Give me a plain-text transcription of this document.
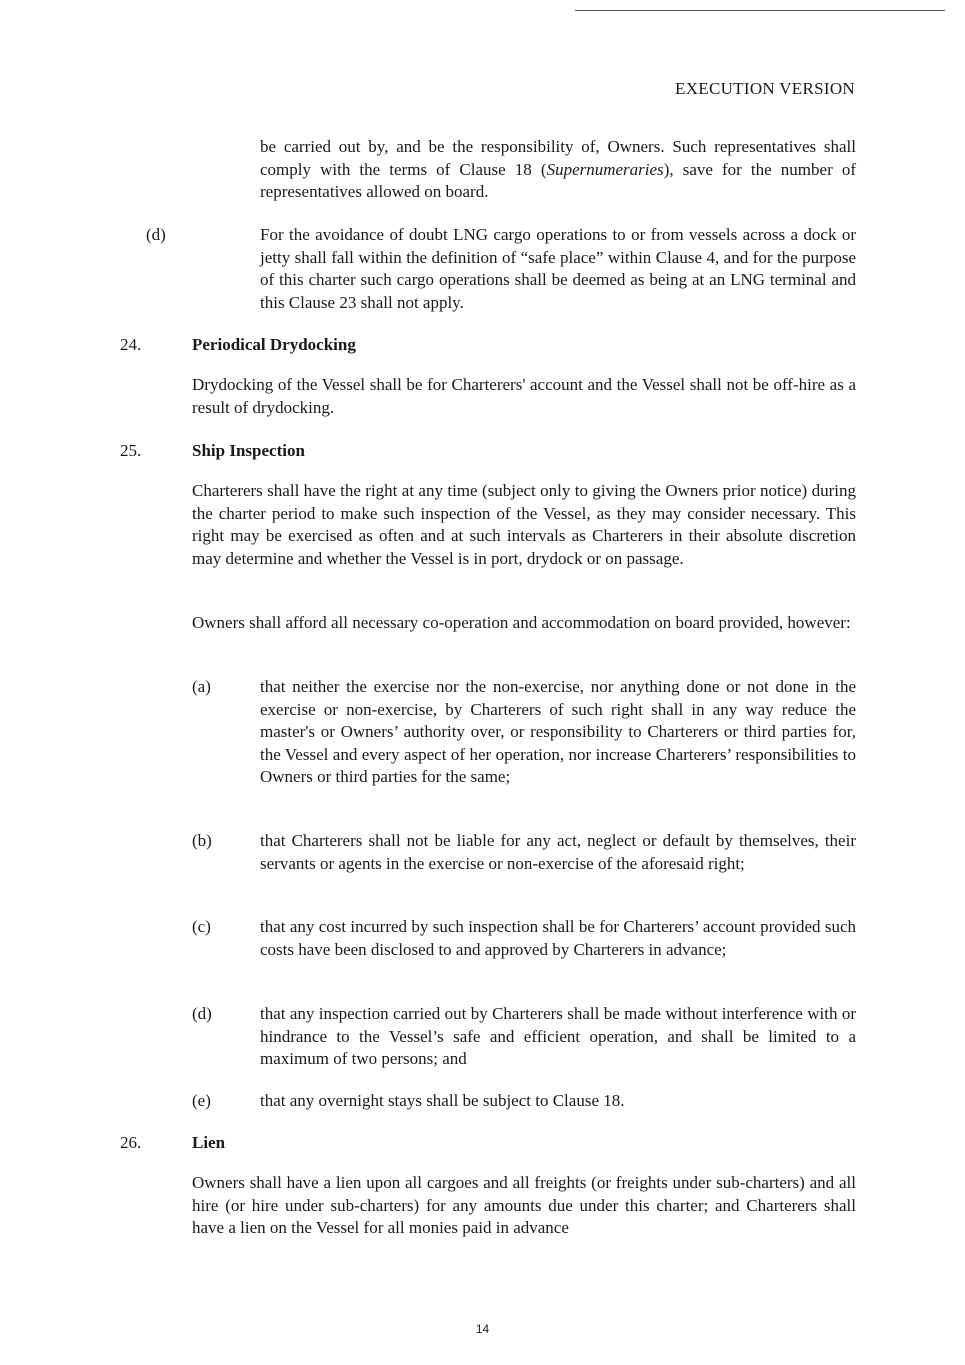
EXECUTION VERSION
be carried out by, and be the responsibility of, Owners. Such representatives shall comply with the terms of Clause 18 (Supernumeraries), save for the number of representatives allowed on board.
(d)	For the avoidance of doubt LNG cargo operations to or from vessels across a dock or jetty shall fall within the definition of “safe place” within Clause 4, and for the purpose of this charter such cargo operations shall be deemed as being at an LNG terminal and this Clause 23 shall not apply.
24.	Periodical Drydocking
Drydocking of the Vessel shall be for Charterers' account and the Vessel shall not be off-hire as a result of drydocking.
25.	Ship Inspection
Charterers shall have the right at any time (subject only to giving the Owners prior notice) during the charter period to make such inspection of the Vessel, as they may consider necessary. This right may be exercised as often and at such intervals as Charterers in their absolute discretion may determine and whether the Vessel is in port, drydock or on passage.
Owners shall afford all necessary co-operation and accommodation on board provided, however:
(a)	that neither the exercise nor the non-exercise, nor anything done or not done in the exercise or non-exercise, by Charterers of such right shall in any way reduce the master's or Owners’ authority over, or responsibility to Charterers or third parties for, the Vessel and every aspect of her operation, nor increase Charterers’ responsibilities to Owners or third parties for the same;
(b)	that Charterers shall not be liable for any act, neglect or default by themselves, their servants or agents in the exercise or non-exercise of the aforesaid right;
(c)	that any cost incurred by such inspection shall be for Charterers’ account provided such costs have been disclosed to and approved by Charterers in advance;
(d)	that any inspection carried out by Charterers shall be made without interference with or hindrance to the Vessel’s safe and efficient operation, and shall be limited to a maximum of two persons; and
(e)	that any overnight stays shall be subject to Clause 18.
26.	Lien
Owners shall have a lien upon all cargoes and all freights (or freights under sub-charters) and all hire (or hire under sub-charters) for any amounts due under this charter; and Charterers shall have a lien on the Vessel for all monies paid in advance
14
